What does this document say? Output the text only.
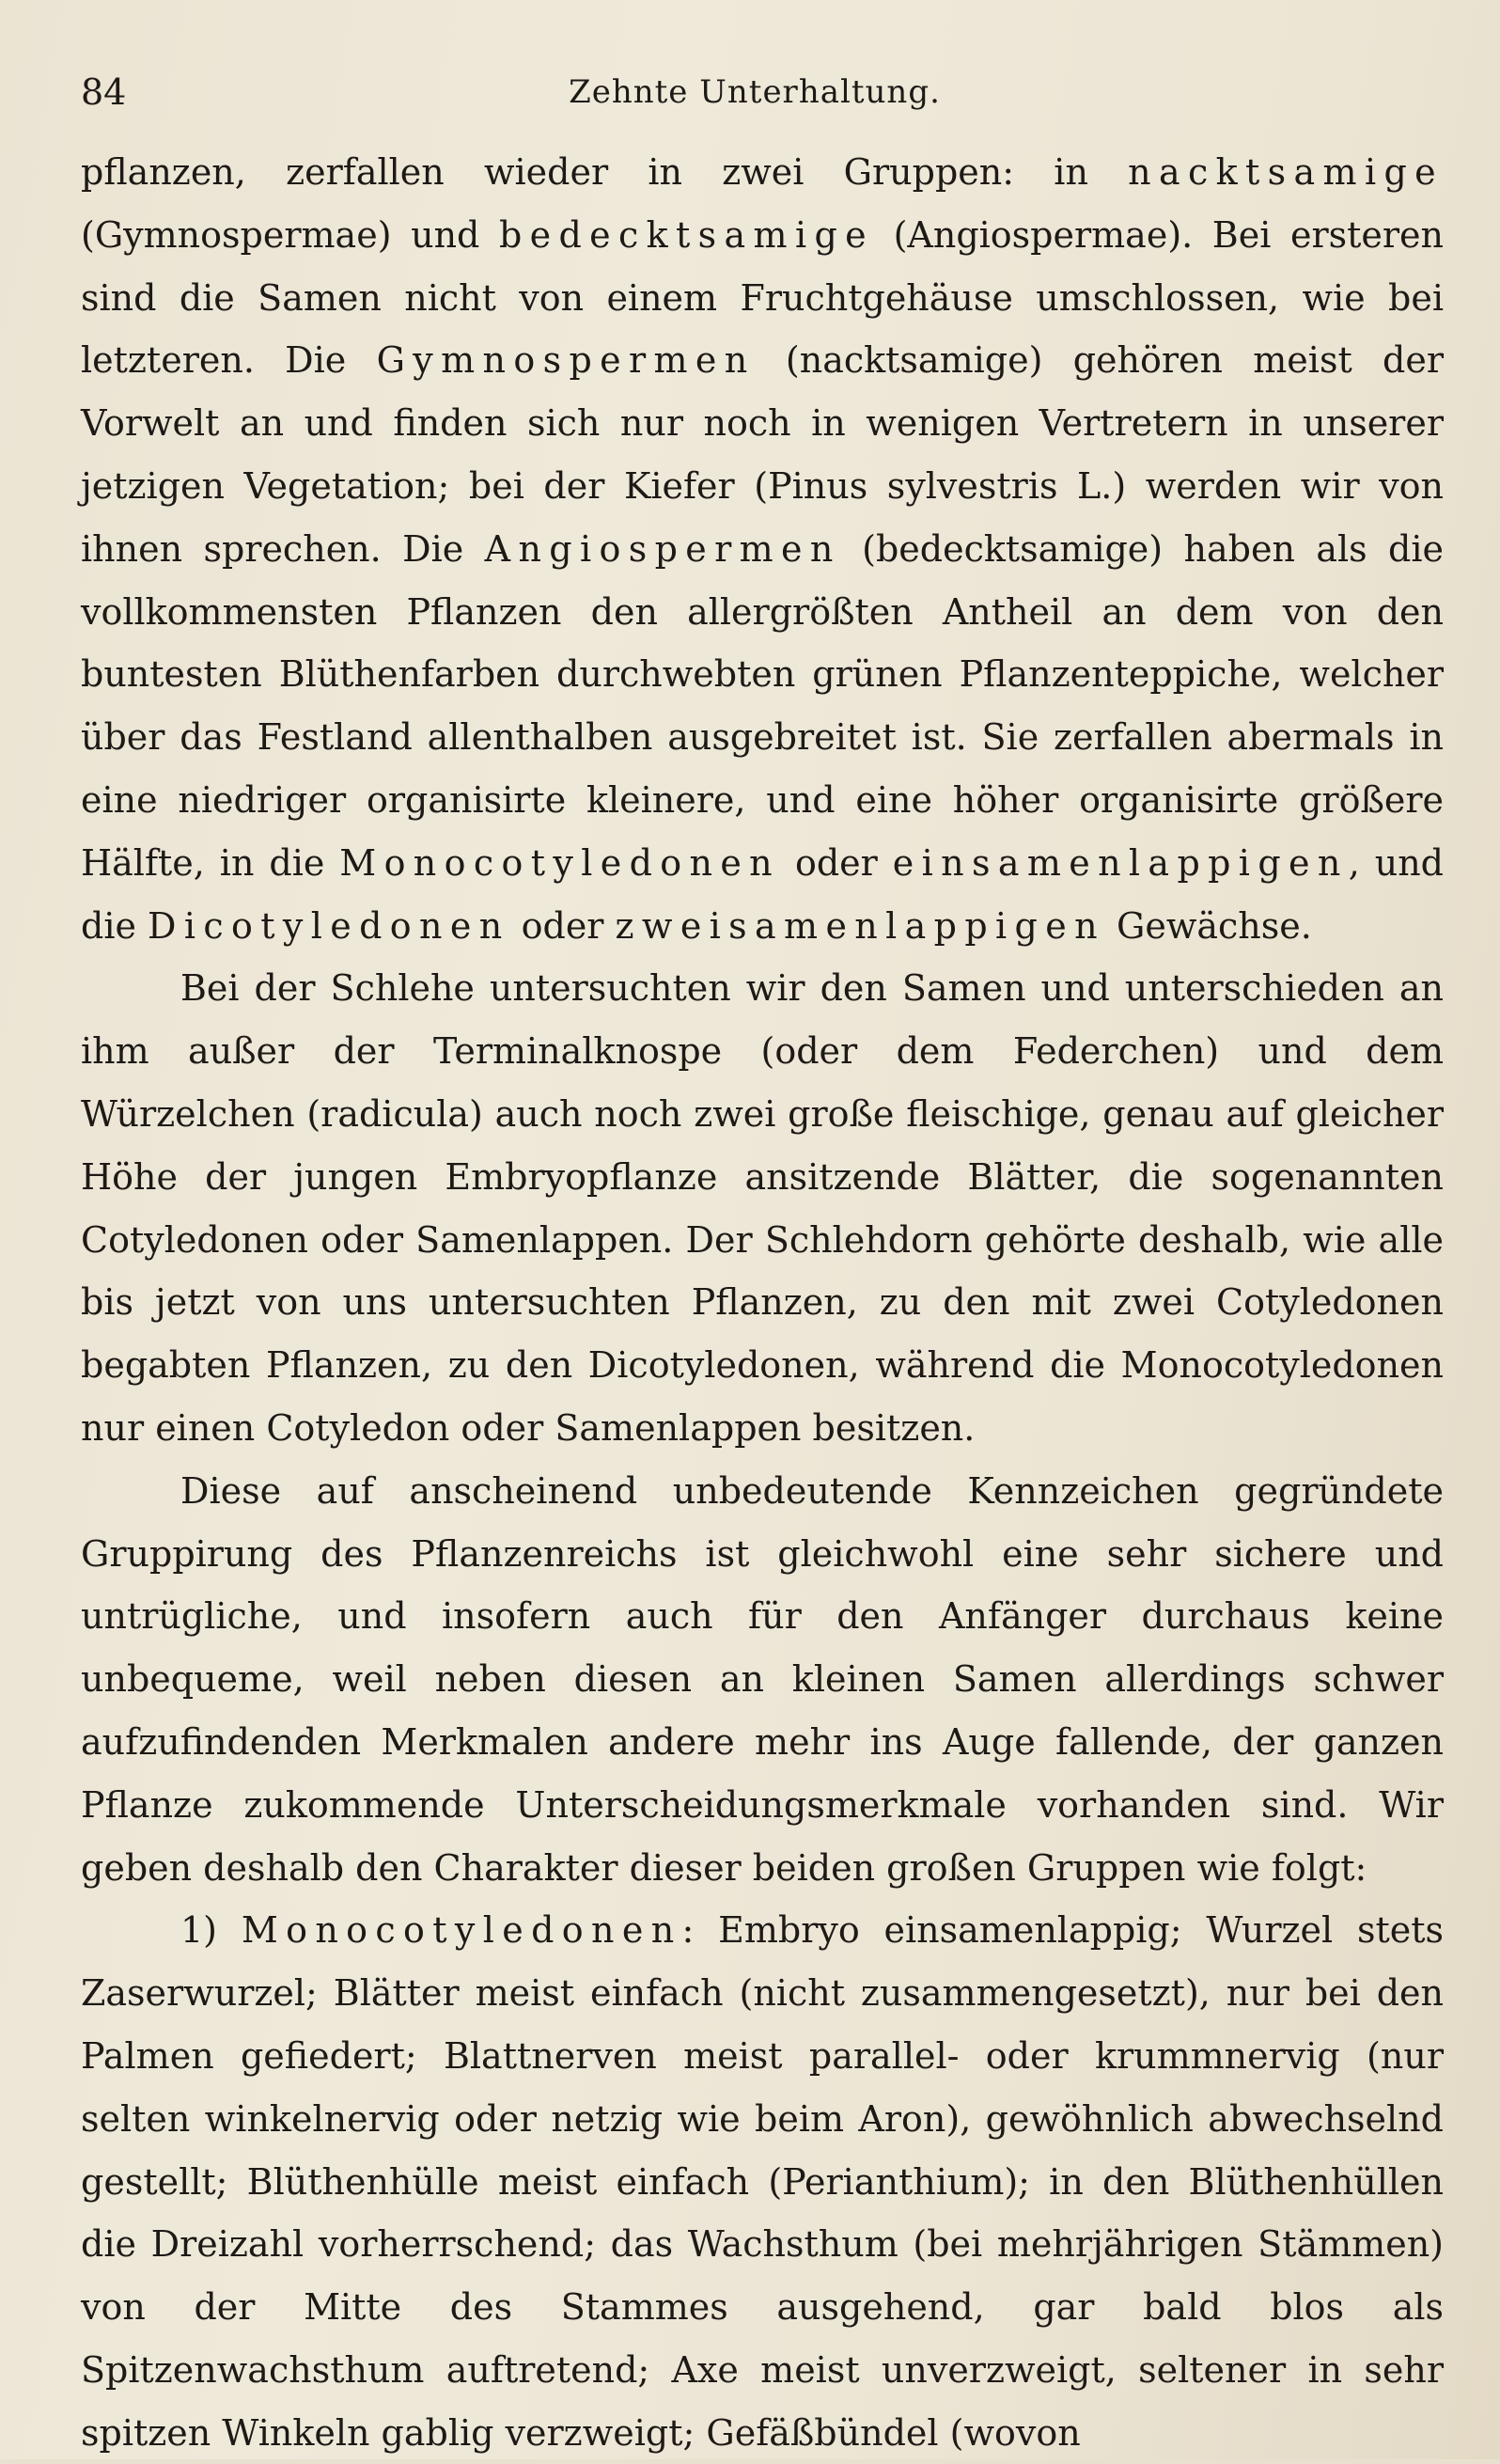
84	Zehnte Unterhaltung.

pflanzen, zerfallen wieder in zwei Gruppen: in nacktsamige (Gymnospermae) und bedecktsamige (Angiospermae). Bei ersteren sind die Samen nicht von einem Fruchtgehäuse umschlossen, wie bei letzteren. Die Gymnospermen (nacktsamige) gehören meist der Vorwelt an und finden sich nur noch in wenigen Vertretern in unserer jetzigen Vegetation; bei der Kiefer (Pinus sylvestris L.) werden wir von ihnen sprechen. Die Angiospermen (bedecktsamige) haben als die vollkommensten Pflanzen den allergrößten Antheil an dem von den buntesten Blüthenfarben durchwebten grünen Pflanzenteppiche, welcher über das Festland allenthalben ausgebreitet ist. Sie zerfallen abermals in eine niedriger organisirte kleinere, und eine höher organisirte größere Hälfte, in die Monocotyledonen oder einsamenlappigen, und die Dicotyledonen oder zweisamenlappigen Gewächse.

Bei der Schlehe untersuchten wir den Samen und unterschieden an ihm außer der Terminalknospe (oder dem Federchen) und dem Würzelchen (radicula) auch noch zwei große fleischige, genau auf gleicher Höhe der jungen Embryopflanze ansitzende Blätter, die sogenannten Cotyledonen oder Samenlappen. Der Schlehdorn gehörte deshalb, wie alle bis jetzt von uns untersuchten Pflanzen, zu den mit zwei Cotyledonen begabten Pflanzen, zu den Dicotyledonen, während die Monocotyledonen nur einen Cotyledon oder Samenlappen besitzen.

Diese auf anscheinend unbedeutende Kennzeichen gegründete Gruppirung des Pflanzenreichs ist gleichwohl eine sehr sichere und untrügliche, und insofern auch für den Anfänger durchaus keine unbequeme, weil neben diesen an kleinen Samen allerdings schwer aufzufindenden Merkmalen andere mehr ins Auge fallende, der ganzen Pflanze zukommende Unterscheidungsmerkmale vorhanden sind. Wir geben deshalb den Charakter dieser beiden großen Gruppen wie folgt:

1) Monocotyledonen: Embryo einsamenlappig; Wurzel stets Zaserwurzel; Blätter meist einfach (nicht zusammengesetzt), nur bei den Palmen gefiedert; Blattnerven meist parallel- oder krummnervig (nur selten winkelnervig oder netzig wie beim Aron), gewöhnlich abwechselnd gestellt; Blüthenhülle meist einfach (Perianthium); in den Blüthenhüllen die Dreizahl vorherrschend; das Wachsthum (bei mehrjährigen Stämmen) von der Mitte des Stammes ausgehend, gar bald blos als Spitzenwachsthum auftretend; Axe meist unverzweigt, seltener in sehr spitzen Winkeln gablig verzweigt; Gefäßbündel (wovon
